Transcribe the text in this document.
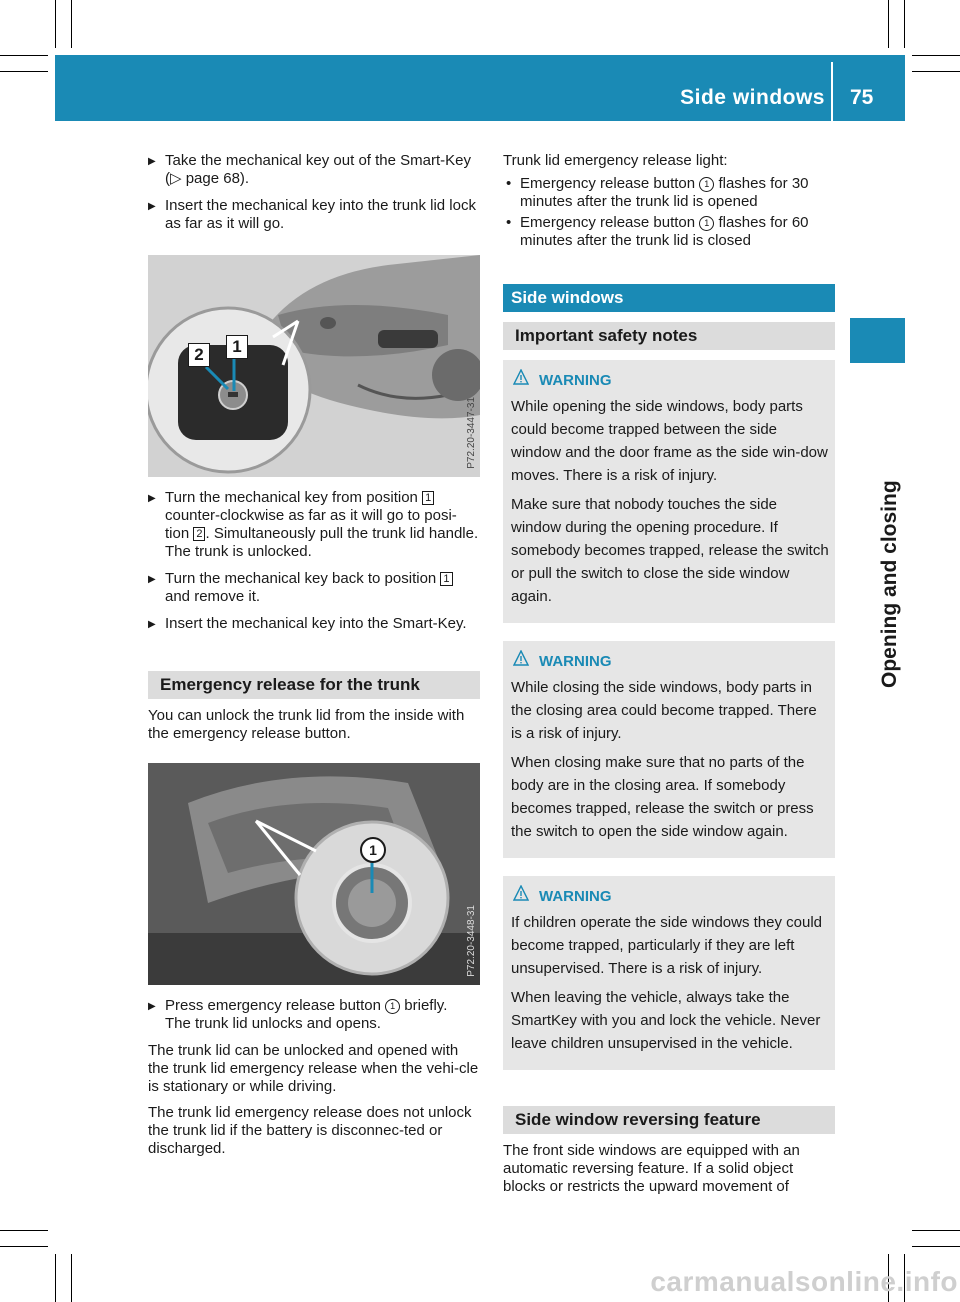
Side windows 75
Opening and closing

▶ Take the mechanical key out of the Smart-Key (▷ page 68).

▶ Insert the mechanical key into the trunk lid lock as far as it will go.

1
2
P72.20-3447-31

▶ Turn the mechanical key from position 1 counter-clockwise as far as it will go to posi-tion 2 . Simultaneously pull the trunk lid handle.
The trunk is unlocked.

▶ Turn the mechanical key back to position 1 and remove it.

▶ Insert the mechanical key into the Smart-Key.

Emergency release for the trunk

You can unlock the trunk lid from the inside with the emergency release button.

1
P72.20-3448-31

▶ Press emergency release button 1 briefly.
The trunk lid unlocks and opens.

The trunk lid can be unlocked and opened with the trunk lid emergency release when the vehi-cle is stationary or while driving.

The trunk lid emergency release does not unlock the trunk lid if the battery is disconnec-ted or discharged.

Trunk lid emergency release light:

• Emergency release button 1 flashes for 30 minutes after the trunk lid is opened

• Emergency release button 1 flashes for 60 minutes after the trunk lid is closed

Side windows
Important safety notes
WARNING

While opening the side windows, body parts could become trapped between the side window and the door frame as the side win-dow moves. There is a risk of injury.

Make sure that nobody touches the side window during the opening procedure. If somebody becomes trapped, release the switch or pull the switch to close the side window again.

WARNING

While closing the side windows, body parts in the closing area could become trapped. There is a risk of injury.

When closing make sure that no parts of the body are in the closing area. If somebody becomes trapped, release the switch or press the switch to open the side window again.

WARNING

If children operate the side windows they could become trapped, particularly if they are left unsupervised. There is a risk of injury.

When leaving the vehicle, always take the SmartKey with you and lock the vehicle. Never leave children unsupervised in the vehicle.

Side window reversing feature

The front side windows are equipped with an automatic reversing feature. If a solid object blocks or restricts the upward movement of

carmanualsonline.info
